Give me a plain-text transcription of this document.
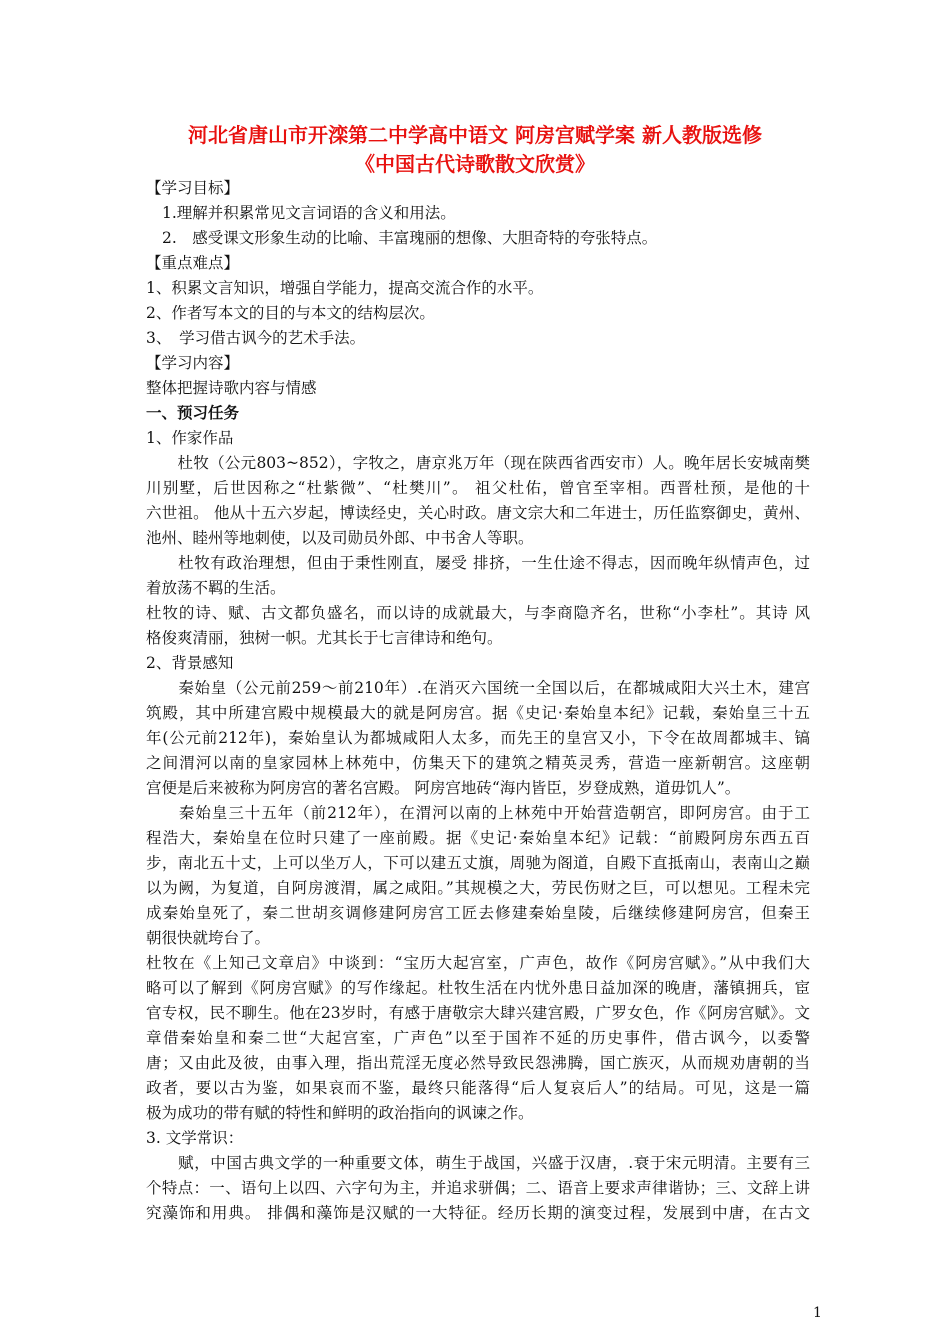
河北省唐山市开滦第二中学高中语文 阿房宫赋学案 新人教版选修
《中国古代诗歌散文欣赏》
【学习目标】
1.理解并积累常见文言词语的含义和用法。
2.　感受课文形象生动的比喻、丰富瑰丽的想像、大胆奇特的夸张特点。
【重点难点】
1、积累文言知识，增强自学能力，提高交流合作的水平。
2、作者写本文的目的与本文的结构层次。
3、　学习借古讽今的艺术手法。
【学习内容】
整体把握诗歌内容与情感
一、预习任务
1、作家作品
　　杜牧（公元803~852），字牧之，唐京兆万年（现在陕西省西安市）人。晚年居长安城南樊
川别墅，后世因称之“杜紫微”、“杜樊川”。 祖父杜佑，曾官至宰相。西晋杜预，是他的十
六世祖。 他从十五六岁起，博读经史，关心时政。唐文宗大和二年进士，历任监察御史，黄州、
池州、睦州等地刺使，以及司勋员外郎、中书舍人等职。
　　杜牧有政治理想，但由于秉性刚直，屡受 排挤，一生仕途不得志，因而晚年纵情声色，过
着放荡不羁的生活。
杜牧的诗、赋、古文都负盛名，而以诗的成就最大，与李商隐齐名，世称“小李杜”。其诗 风
格俊爽清丽，独树一帜。尤其长于七言律诗和绝句。
2、背景感知
　　秦始皇（公元前259～前210年）.在消灭六国统一全国以后，在都城咸阳大兴土木，建宫
筑殿，其中所建宫殿中规模最大的就是阿房宫。据《史记·秦始皇本纪》记载，秦始皇三十五
年(公元前212年)，秦始皇认为都城咸阳人太多，而先王的皇宫又小，下令在故周都城丰、镐
之间渭河以南的皇家园林上林苑中，仿集天下的建筑之精英灵秀，营造一座新朝宫。这座朝
宫便是后来被称为阿房宫的著名宫殿。 阿房宫地砖“海内皆臣，岁登成熟，道毋饥人”。
　　秦始皇三十五年（前212年），在渭河以南的上林苑中开始营造朝宫，即阿房宫。由于工
程浩大，秦始皇在位时只建了一座前殿。据《史记·秦始皇本纪》记载：“前殿阿房东西五百
步，南北五十丈，上可以坐万人，下可以建五丈旗，周驰为阁道，自殿下直抵南山，表南山之巅
以为阙，为复道，自阿房渡渭，属之咸阳。”其规模之大，劳民伤财之巨，可以想见。工程未完
成秦始皇死了，秦二世胡亥调修建阿房宫工匠去修建秦始皇陵，后继续修建阿房宫，但秦王
朝很快就垮台了。
杜牧在《上知己文章启》中谈到：“宝历大起宫室，广声色，故作《阿房宫赋》。”从中我们大
略可以了解到《阿房宫赋》的写作缘起。杜牧生活在内忧外患日益加深的晚唐，藩镇拥兵，宦
官专权，民不聊生。他在23岁时，有感于唐敬宗大肆兴建宫殿，广罗女色，作《阿房宫赋》。文
章借秦始皇和秦二世“大起宫室，广声色”以至于国祚不延的历史事件，借古讽今，以委警
唐；又由此及彼，由事入理，指出荒淫无度必然导致民怨沸腾，国亡族灭，从而规劝唐朝的当
政者，要以古为鉴，如果哀而不鉴，最终只能落得“后人复哀后人”的结局。可见，这是一篇
极为成功的带有赋的特性和鲜明的政治指向的讽谏之作。
3. 文学常识：
　　赋，中国古典文学的一种重要文体，萌生于战国，兴盛于汉唐，.衰于宋元明清。主要有三
个特点：一、语句上以四、六字句为主，并追求骈偶；二、语音上要求声律谐协；三、文辞上讲
究藻饰和用典。 排偶和藻饰是汉赋的一大特征。经历长期的演变过程，发展到中唐，在古文
1
